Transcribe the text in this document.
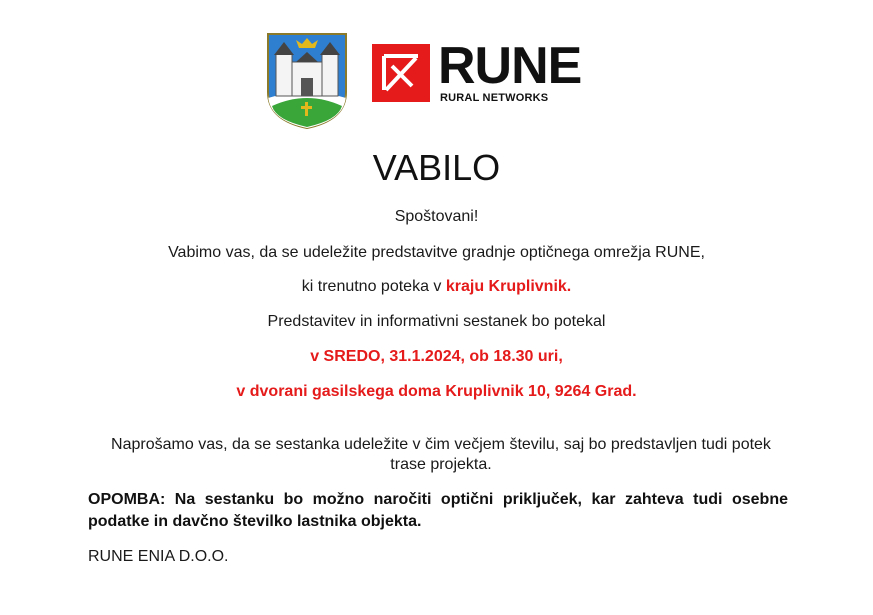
RUNE
RURAL NETWORKS
VABILO
Spoštovani!
Vabimo vas, da se udeležite predstavitve gradnje optičnega omrežja RUNE,
ki trenutno poteka v kraju Kruplivnik.
Predstavitev in informativni sestanek bo potekal
v SREDO, 31.1.2024, ob 18.30 uri,
v dvorani gasilskega doma Kruplivnik 10, 9264 Grad.
Naprošamo vas, da se sestanka udeležite v čim večjem številu, saj bo predstavljen tudi potek trase projekta.
OPOMBA: Na sestanku bo možno naročiti optični priključek, kar zahteva tudi osebne podatke in davčno številko lastnika objekta.
RUNE ENIA D.O.O.
